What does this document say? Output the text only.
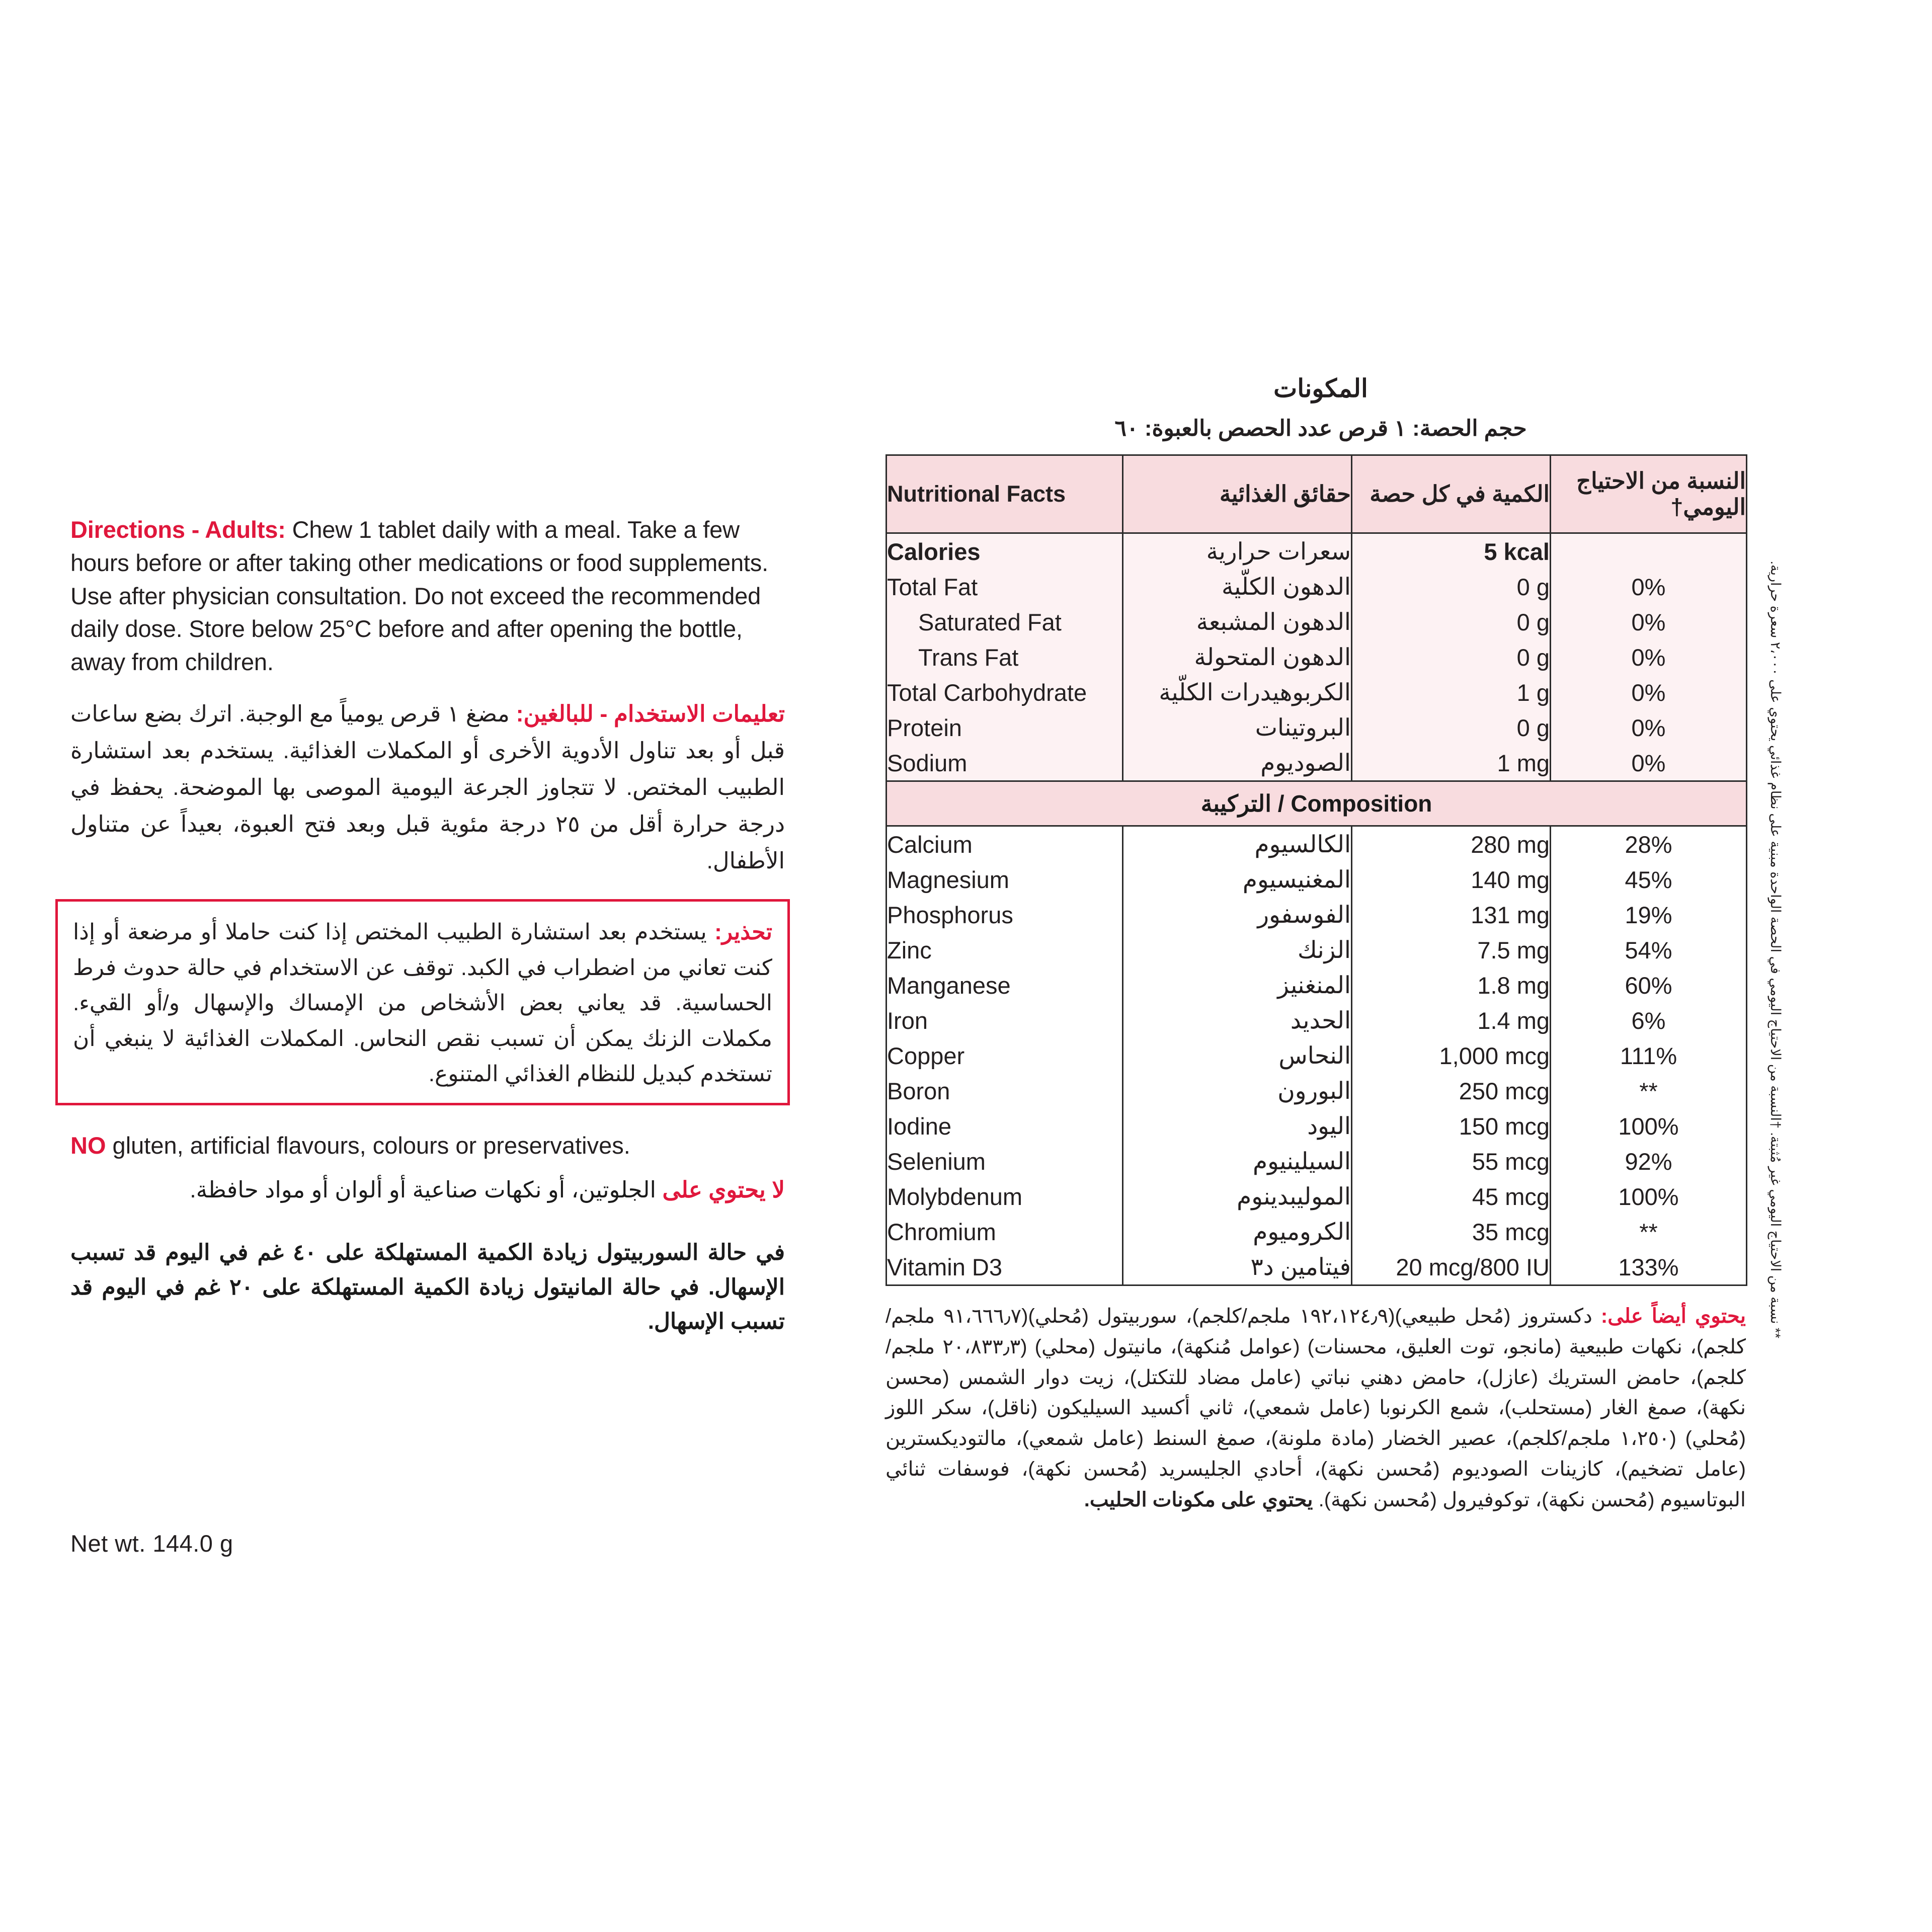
Directions - Adults: Chew 1 tablet daily with a meal. Take a few hours before or after taking other medications or food supplements. Use after physician consultation. Do not exceed the recommended daily dose. Store below 25°C before and after opening the bottle, away from children.

تعليمات الاستخدام - للبالغين: مضغ ١ قرص يومياً مع الوجبة. اترك بضع ساعات قبل أو بعد تناول الأدوية الأخرى أو المكملات الغذائية. يستخدم بعد استشارة الطبيب المختص. لا تتجاوز الجرعة اليومية الموصى بها الموضحة. يحفظ في درجة حرارة أقل من ٢٥ درجة مئوية قبل وبعد فتح العبوة، بعيداً عن متناول الأطفال.

تحذير: يستخدم بعد استشارة الطبيب المختص إذا كنت حاملا أو مرضعة أو إذا كنت تعاني من اضطراب في الكبد. توقف عن الاستخدام في حالة حدوث فرط الحساسية. قد يعاني بعض الأشخاص من الإمساك والإسهال و/أو القيء. مكملات الزنك يمكن أن تسبب نقص النحاس. المكملات الغذائية لا ينبغي أن تستخدم كبديل للنظام الغذائي المتنوع.

NO gluten, artificial flavours, colours or preservatives.

لا يحتوي على الجلوتين، أو نكهات صناعية أو ألوان أو مواد حافظة.

في حالة السوربيتول زيادة الكمية المستهلكة على ٤٠ غم في اليوم قد تسبب الإسهال. في حالة المانيتول زيادة الكمية المستهلكة على ٢٠ غم في اليوم قد تسبب الإسهال.

Net wt. 144.0 g
المكونات
حجم الحصة: ١ قرص عدد الحصص بالعبوة: ٦٠
Nutritional Facts	حقائق الغذائية	الكمية في كل حصة	النسبة من الاحتياج اليومي†
Calories	سعرات حرارية	5 kcal	
Total Fat	الدهون الكلّية	0 g	0%
Saturated Fat	الدهون المشبعة	0 g	0%
Trans Fat	الدهون المتحولة	0 g	0%
Total Carbohydrate	الكربوهيدرات الكلّية	1 g	0%
Protein	البروتينات	0 g	0%
Sodium	الصوديوم	1 mg	0%
Composition / التركيبة			
Calcium	الكالسيوم	280 mg	28%
Magnesium	المغنيسيوم	140 mg	45%
Phosphorus	الفوسفور	131 mg	19%
Zinc	الزنك	7.5 mg	54%
Manganese	المنغنيز	1.8 mg	60%
Iron	الحديد	1.4 mg	6%
Copper	النحاس	1,000 mcg	111%
Boron	البورون	250 mcg	**
Iodine	اليود	150 mcg	100%
Selenium	السيلينيوم	55 mcg	92%
Molybdenum	الموليبدينوم	45 mcg	100%
Chromium	الكروميوم	35 mcg	**
Vitamin D3	فيتامين د٣	20 mcg/800 IU	133%

يحتوي أيضاً على: دكستروز (مُحل طبيعي)(١٩٢،١٢٤٫٩ ملجم/كلجم)، سوربيتول (مُحلي)(٩١،٦٦٦٫٧ ملجم/كلجم)، نكهات طبيعية (مانجو، توت العليق، محسنات) (عوامل مُنكهة)، مانيتول (محلي) (٢٠،٨٣٣٫٣ ملجم/كلجم)، حامض الستريك (عازل)، حامض دهني نباتي (عامل مضاد للتكتل)، زيت دوار الشمس (محسن نكهة)، صمغ الغار (مستحلب)، شمع الكرنوبا (عامل شمعي)، ثاني أكسيد السيليكون (ناقل)، سكر اللوز (مُحلي) (١،٢٥٠ ملجم/كلجم)، عصير الخضار (مادة ملونة)، صمغ السنط (عامل شمعي)، مالتوديكسترين (عامل تضخيم)، كازينات الصوديوم (مُحسن نكهة)، أحادي الجليسريد (مُحسن نكهة)، فوسفات ثنائي البوتاسيوم (مُحسن نكهة)، توكوفيرول (مُحسن نكهة). يحتوي على مكونات الحليب.

** نسبة من الاحتياج اليومي غير مُثبتة. †النسبة من الاحتياج اليومي في الحصة الواحدة مبنية على نظام غذائي يحتوي على ٢،٠٠٠ سعرة حرارية.
